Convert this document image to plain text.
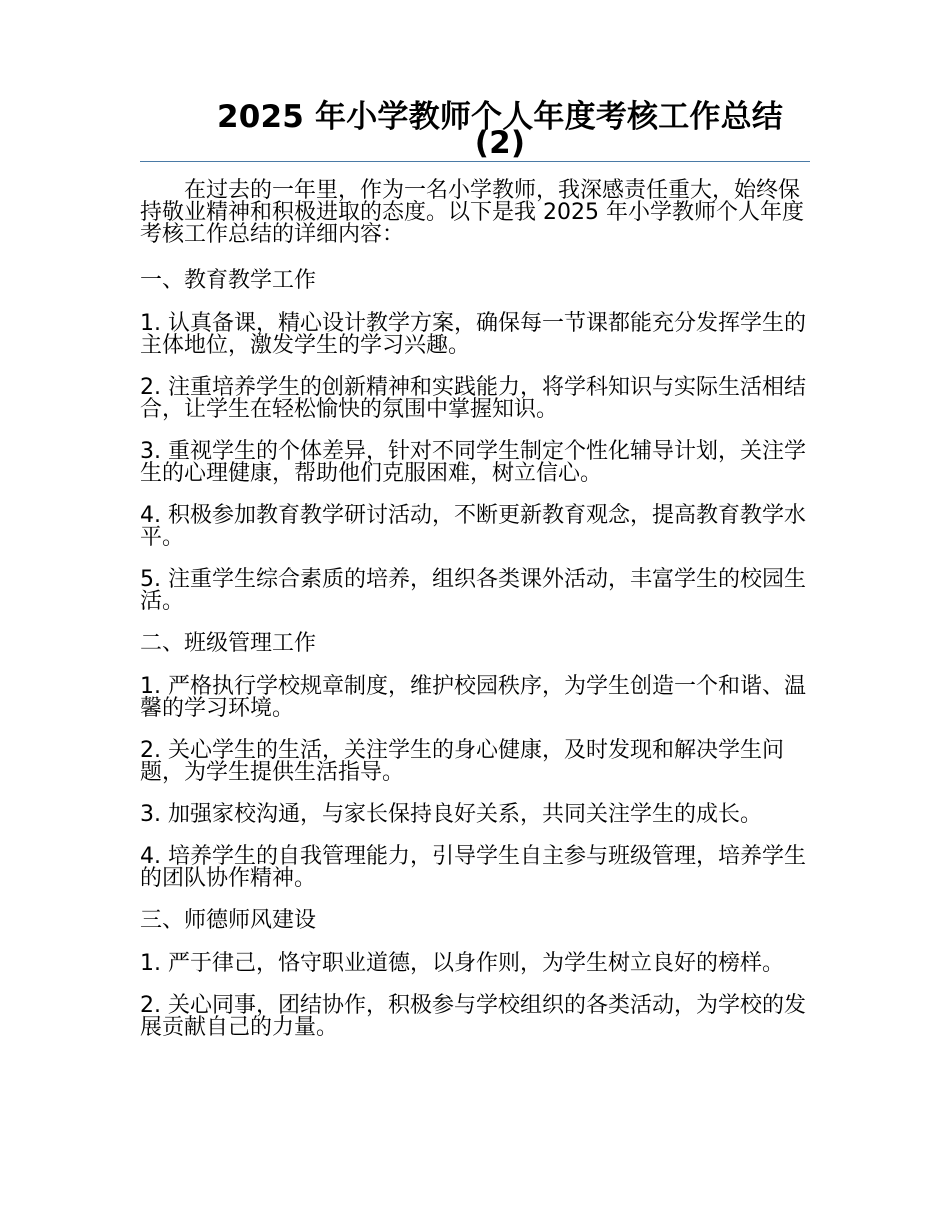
2025 年小学教师个人年度考核工作总结 (2)

在过去的一年里，作为一名小学教师，我深感责任重大，始终保持敬业精神和积极进取的态度。以下是我 2025 年小学教师个人年度考核工作总结的详细内容：

一、教育教学工作

1. 认真备课，精心设计教学方案，确保每一节课都能充分发挥学生的主体地位，激发学生的学习兴趣。

2. 注重培养学生的创新精神和实践能力，将学科知识与实际生活相结合，让学生在轻松愉快的氛围中掌握知识。

3. 重视学生的个体差异，针对不同学生制定个性化辅导计划，关注学生的心理健康，帮助他们克服困难，树立信心。

4. 积极参加教育教学研讨活动，不断更新教育观念，提高教育教学水平。

5. 注重学生综合素质的培养，组织各类课外活动，丰富学生的校园生活。

二、班级管理工作

1. 严格执行学校规章制度，维护校园秩序，为学生创造一个和谐、温馨的学习环境。

2. 关心学生的生活，关注学生的身心健康，及时发现和解决学生问题，为学生提供生活指导。

3. 加强家校沟通，与家长保持良好关系，共同关注学生的成长。

4. 培养学生的自我管理能力，引导学生自主参与班级管理，培养学生的团队协作精神。

三、师德师风建设

1. 严于律己，恪守职业道德，以身作则，为学生树立良好的榜样。

2. 关心同事，团结协作，积极参与学校组织的各类活动，为学校的发展贡献自己的力量。
